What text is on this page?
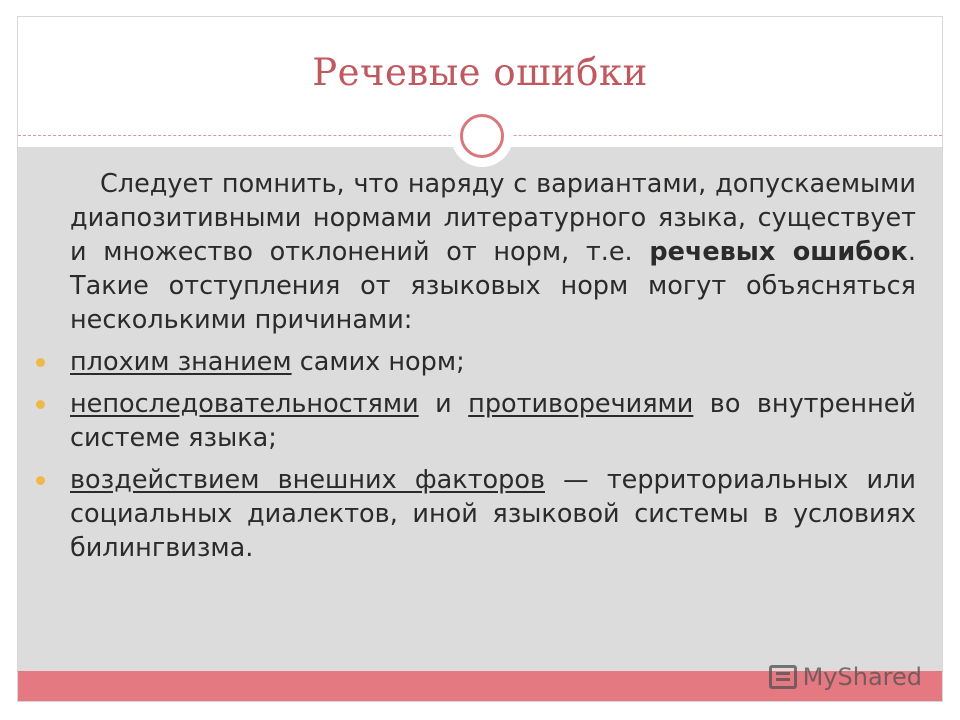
Речевые ошибки

Следует помнить, что наряду с вариантами, допускаемыми диапозитивными нормами литературного языка, существует и множество отклонений от норм, т.е. речевых ошибок. Такие отступления от языковых норм могут объясняться несколькими причинами:

плохим знанием самих норм;
непоследовательностями и противоречиями во внутренней системе языка;
воздействием внешних факторов — территориальных или социальных диалектов, иной языковой системы в условиях билингвизма.
MyShared
